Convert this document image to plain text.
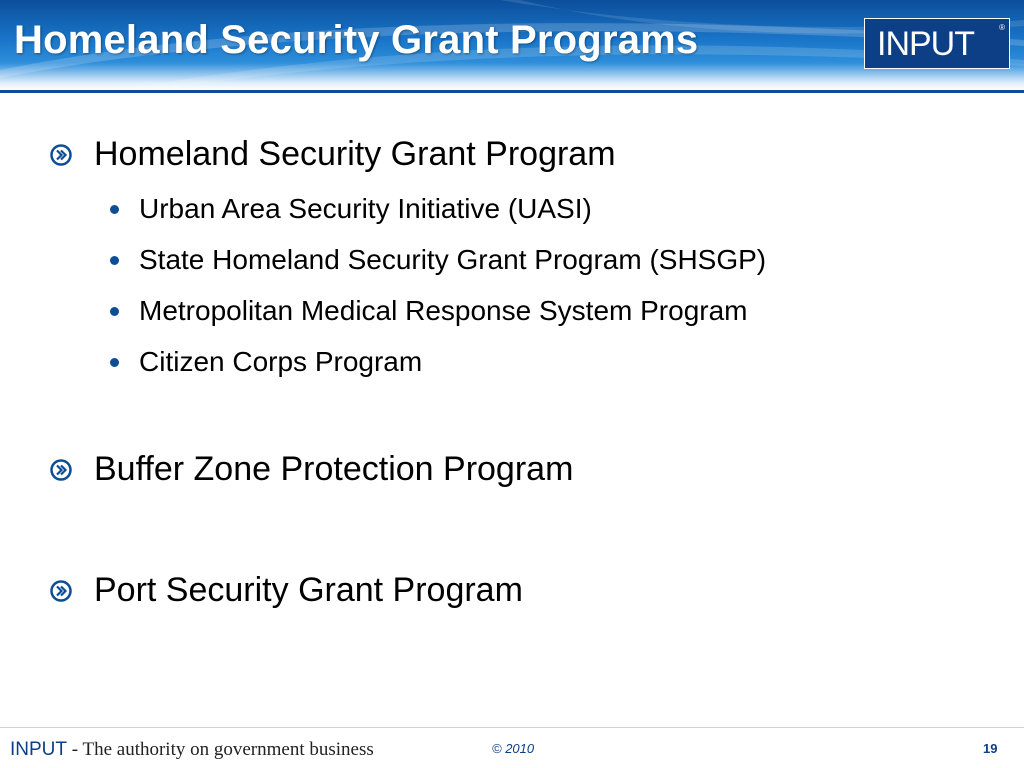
Homeland Security Grant Programs	INPUT	®
Homeland Security Grant Program
Urban Area Security Initiative (UASI)
State Homeland Security Grant Program (SHSGP)
Metropolitan Medical Response System Program
Citizen Corps Program
Buffer Zone Protection Program
Port Security Grant Program
INPUT - The authority on government business	© 2010	19
